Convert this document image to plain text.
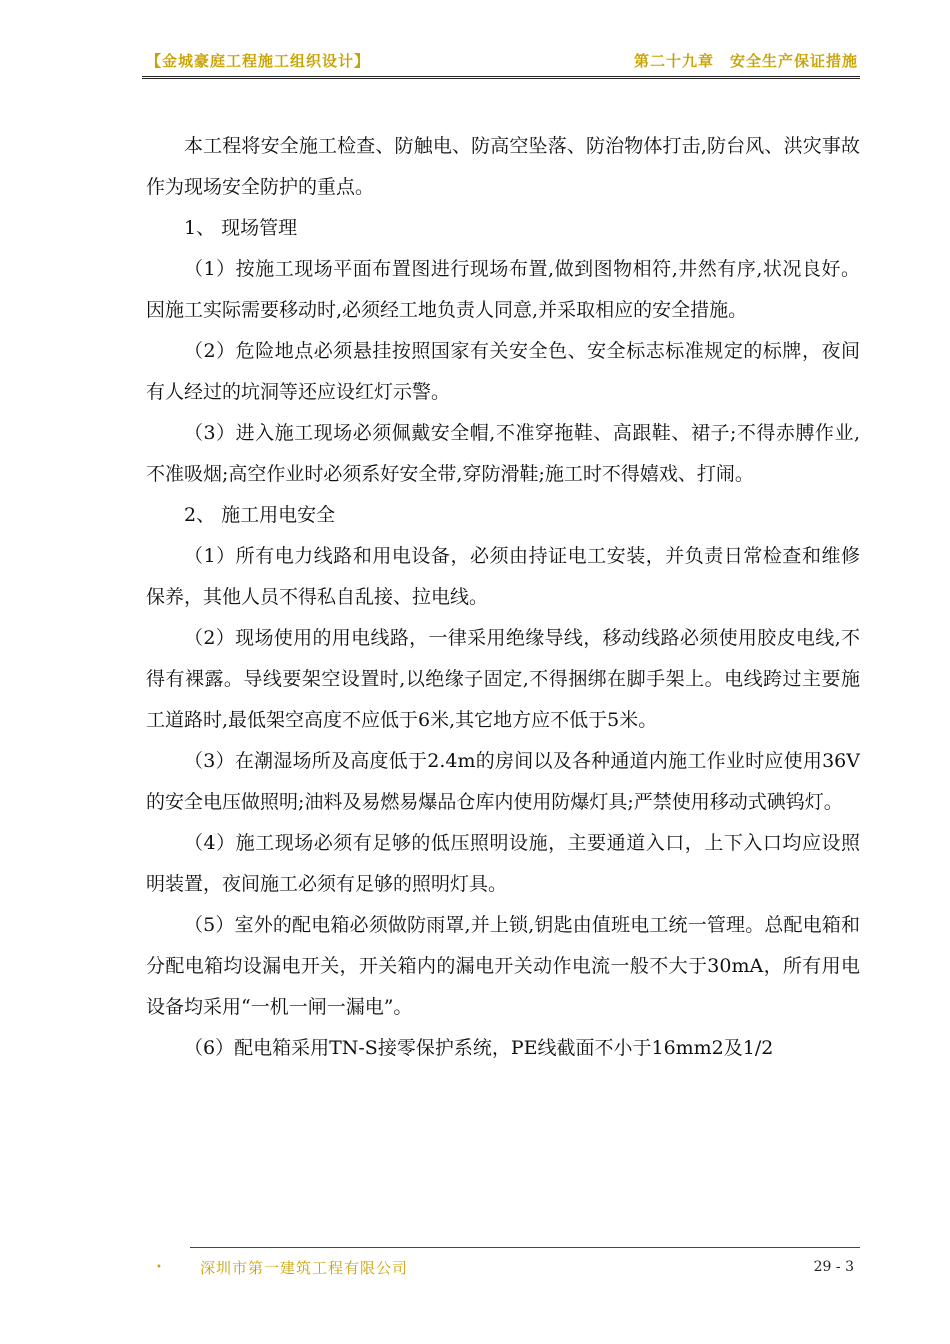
【金城豪庭工程施工组织设计】	第二十九章　安全生产保证措施

本工程将安全施工检查、防触电、防高空坠落、防治物体打击,防台风、洪灾事故作为现场安全防护的重点。

1、 现场管理

（1）按施工现场平面布置图进行现场布置,做到图物相符,井然有序,状况良好。因施工实际需要移动时,必须经工地负责人同意,并采取相应的安全措施。

（2）危险地点必须悬挂按照国家有关安全色、安全标志标准规定的标牌，夜间有人经过的坑洞等还应设红灯示警。

（3）进入施工现场必须佩戴安全帽,不准穿拖鞋、高跟鞋、裙子;不得赤膊作业,不准吸烟;高空作业时必须系好安全带,穿防滑鞋;施工时不得嬉戏、打闹。

2、 施工用电安全

（1）所有电力线路和用电设备，必须由持证电工安装，并负责日常检查和维修保养，其他人员不得私自乱接、拉电线。

（2）现场使用的用电线路，一律采用绝缘导线，移动线路必须使用胶皮电线,不得有裸露。导线要架空设置时,以绝缘子固定,不得捆绑在脚手架上。电线跨过主要施工道路时,最低架空高度不应低于6米,其它地方应不低于5米。

（3）在潮湿场所及高度低于2.4m的房间以及各种通道内施工作业时应使用36V的安全电压做照明;油料及易燃易爆品仓库内使用防爆灯具;严禁使用移动式碘钨灯。

（4）施工现场必须有足够的低压照明设施，主要通道入口，上下入口均应设照明装置，夜间施工必须有足够的照明灯具。

（5）室外的配电箱必须做防雨罩,并上锁,钥匙由值班电工统一管理。总配电箱和分配电箱均设漏电开关，开关箱内的漏电开关动作电流一般不大于30mA，所有用电设备均采用“一机一闸一漏电”。

（6）配电箱采用TN-S接零保护系统，PE线截面不小于16mm2及1/2

•	深圳市第一建筑工程有限公司	29 - 3
